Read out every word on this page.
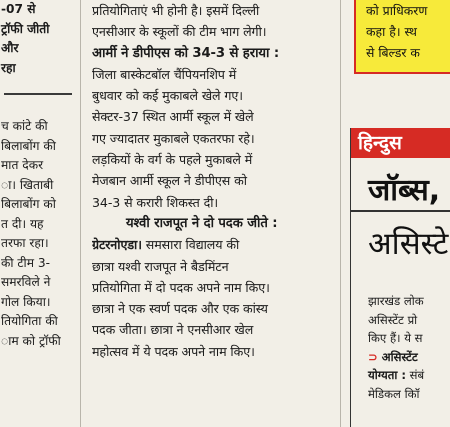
-07 से
ट्रॉफी जीती
और
रहा
च कांटे की
बिलाबोंग की
मात देकर
ा। खिताबी
बिलाबोंग को
त दी। यह
तरफा रहा।
की टीम 3-
समरविले ने
गोल किया।
तियोगिता की
ाम को ट्रॉफी
प्रतियोगिताएं भी होनी है। इसमें दिल्ली
एनसीआर के स्कूलों की टीम भाग लेगी।
आर्मी ने डीपीएस को 34-3 से हराया :
जिला बास्केटबॉल चैंपियनशिप में
बुधवार को कई मुकाबले खेले गए।
सेक्टर-37 स्थित आर्मी स्कूल में खेले
गए ज्यादातर मुकाबले एकतरफा रहे।
लड़कियों के वर्ग के पहले मुकाबले में
मेजबान आर्मी स्कूल ने डीपीएस को
34-3 से करारी शिकस्त दी।
यश्वी राजपूत ने दो पदक जीते :
ग्रेटरनोएडा। समसारा विद्यालय की
छात्रा यश्वी राजपूत ने बैडमिंटन
प्रतियोगिता में दो पदक अपने नाम किए।
छात्रा ने एक स्वर्ण पदक और एक कांस्य
पदक जीता। छात्रा ने एनसीआर खेल
महोत्सव में ये पदक अपने नाम किए।
को प्राधिकरण
कहा है। स्थ
से बिल्डर क
हिन्दुस
जॉब्स,
असिस्टे
झारखंड लोक
असिस्टेंट प्रो
किए हैं। ये स
⊃ असिस्टेंट
योग्यता : संबं
मेडिकल कॉि
